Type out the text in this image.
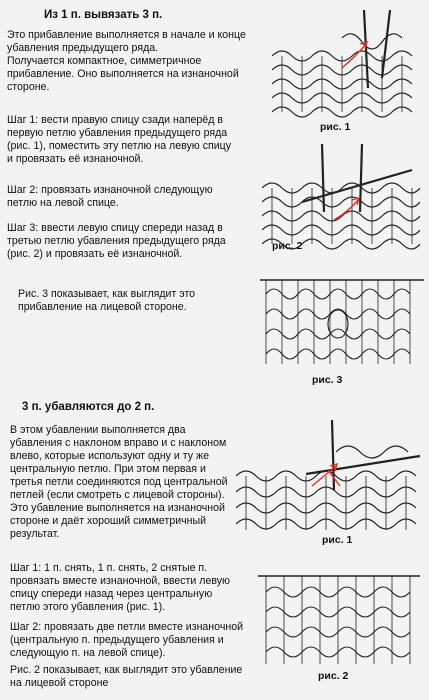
Из 1 п. вывязать 3 п.
Это прибавление выполняется в начале и конце
убавления предыдущего ряда.
Получается компактное, симметричное
прибавление. Оно выполняется на изнаночной
стороне.
Шаг 1: вести правую спицу сзади наперёд в
первую петлю убавления предыдущего ряда
(рис. 1), поместить эту петлю на левую спицу
и провязать её изнаночной.
Шаг 2: провязать изнаночной следующую
петлю на левой спице.
Шаг 3: ввести левую спицу спереди назад в
третью петлю убавления предыдущего ряда
(рис. 2) и провязать её изнаночной.
Рис. 3 показывает, как выглядит это
прибавление на лицевой стороне.
рис. 1
рис. 2
рис. 3
3 п. убавляются до 2 п.
В этом убавлении выполняется два
убавления с наклоном вправо и с наклоном
влево, которые используют одну и ту же
центральную петлю. При этом первая и
третья петли соединяются под центральной
петлей (если смотреть с лицевой стороны).
Это убавление выполняется на изнаночной
стороне и даёт хороший симметричный
результат.
Шаг 1: 1 п. снять, 1 п. снять, 2 снятые п.
провязать вместе изнаночной, ввести левую
спицу спереди назад через центральную
петлю этого убавления (рис. 1).
Шаг 2: провязать две петли вместе изнаночной
(центральную п. предыдущего убавления и
следующую п. на левой спице).
Рис. 2 показывает, как выглядит это убавление
на лицевой стороне
рис. 1
рис. 2
